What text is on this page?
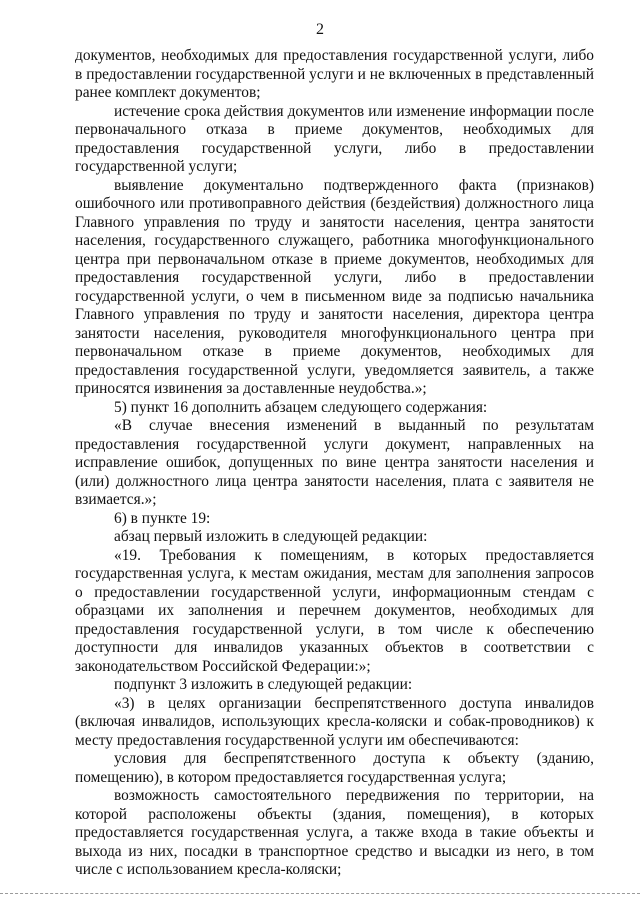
2

документов, необходимых для предоставления государственной услуги, либо в предоставлении государственной услуги и не включенных в представленный ранее комплект документов;

истечение срока действия документов или изменение информации после первоначального отказа в приеме документов, необходимых для предоставления государственной услуги, либо в предоставлении государственной услуги;

выявление документально подтвержденного факта (признаков) ошибочного или противоправного действия (бездействия) должностного лица Главного управления по труду и занятости населения, центра занятости населения, государственного служащего, работника многофункционального центра при первоначальном отказе в приеме документов, необходимых для предоставления государственной услуги, либо в предоставлении государственной услуги, о чем в письменном виде за подписью начальника Главного управления по труду и занятости населения, директора центра занятости населения, руководителя многофункционального центра при первоначальном отказе в приеме документов, необходимых для предоставления государственной услуги, уведомляется заявитель, а также приносятся извинения за доставленные неудобства.»;

5) пункт 16 дополнить абзацем следующего содержания:

«В случае внесения изменений в выданный по результатам предоставления государственной услуги документ, направленных на исправление ошибок, допущенных по вине центра занятости населения и (или) должностного лица центра занятости населения, плата с заявителя не взимается.»;

6) в пункте 19:

абзац первый изложить в следующей редакции:

«19. Требования к помещениям, в которых предоставляется государственная услуга, к местам ожидания, местам для заполнения запросов о предоставлении государственной услуги, информационным стендам с образцами их заполнения и перечнем документов, необходимых для предоставления государственной услуги, в том числе к обеспечению доступности для инвалидов указанных объектов в соответствии с законодательством Российской Федерации:»;

подпункт 3 изложить в следующей редакции:

«3) в целях организации беспрепятственного доступа инвалидов (включая инвалидов, использующих кресла-коляски и собак-проводников) к месту предоставления государственной услуги им обеспечиваются:

условия для беспрепятственного доступа к объекту (зданию, помещению), в котором предоставляется государственная услуга;

возможность самостоятельного передвижения по территории, на которой расположены объекты (здания, помещения), в которых предоставляется государственная услуга, а также входа в такие объекты и выхода из них, посадки в транспортное средство и высадки из него, в том числе с использованием кресла-коляски;
